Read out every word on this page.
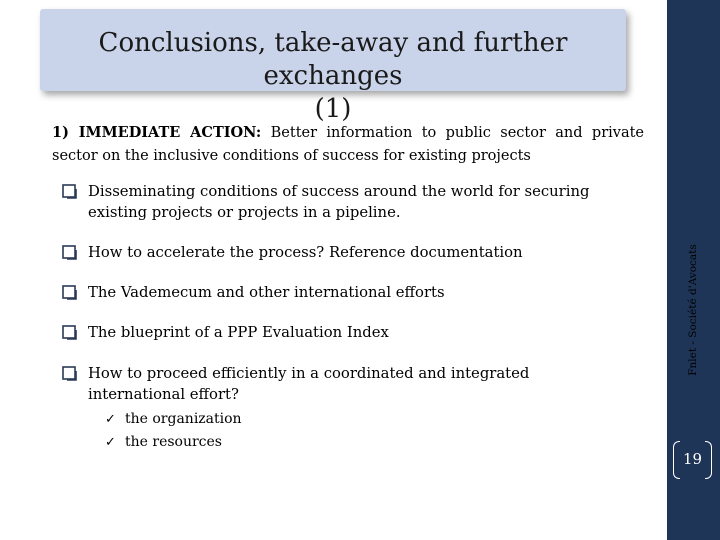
Conclusions, take-away and further exchanges
(1)
Fnlet - Société d'Avocats
19
1) IMMEDIATE ACTION: Better information to public sector and private sector on the inclusive conditions of success for existing projects
Disseminating conditions of success around the world for securing existing projects or projects in a pipeline.
How to accelerate the process? Reference documentation
The Vademecum and other international efforts
The blueprint of a PPP Evaluation Index
How to proceed efficiently in a coordinated and integrated international effort?
✓ the organization
✓ the resources
